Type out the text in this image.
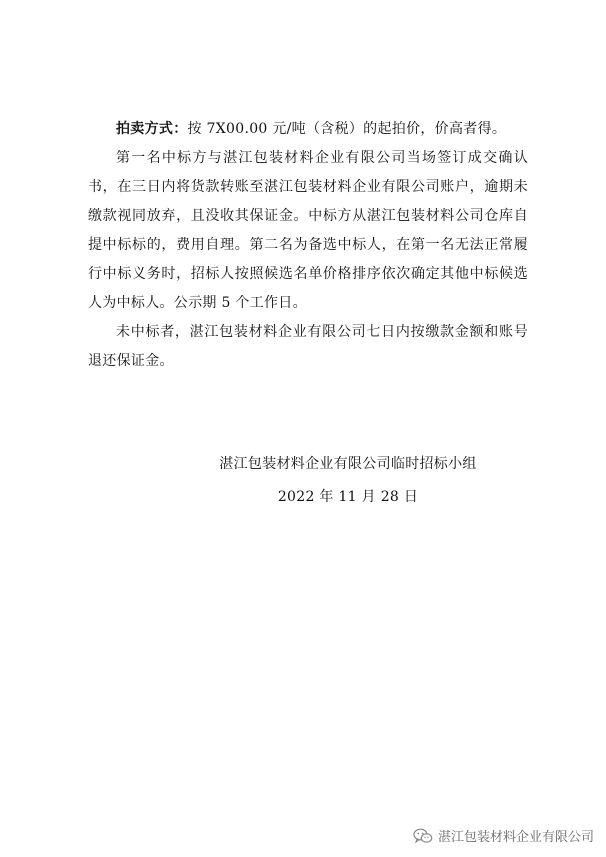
拍卖方式：按 7X00.00 元/吨（含税）的起拍价，价高者得。

第一名中标方与湛江包装材料企业有限公司当场签订成交确认书，在三日内将货款转账至湛江包装材料企业有限公司账户，逾期未缴款视同放弃，且没收其保证金。中标方从湛江包装材料公司仓库自提中标标的，费用自理。第二名为备选中标人，在第一名无法正常履行中标义务时，招标人按照候选名单价格排序依次确定其他中标候选人为中标人。公示期 5 个工作日。

未中标者，湛江包装材料企业有限公司七日内按缴款金额和账号退还保证金。

湛江包装材料企业有限公司临时招标小组
2022 年 11 月 28 日
湛江包装材料企业有限公司
